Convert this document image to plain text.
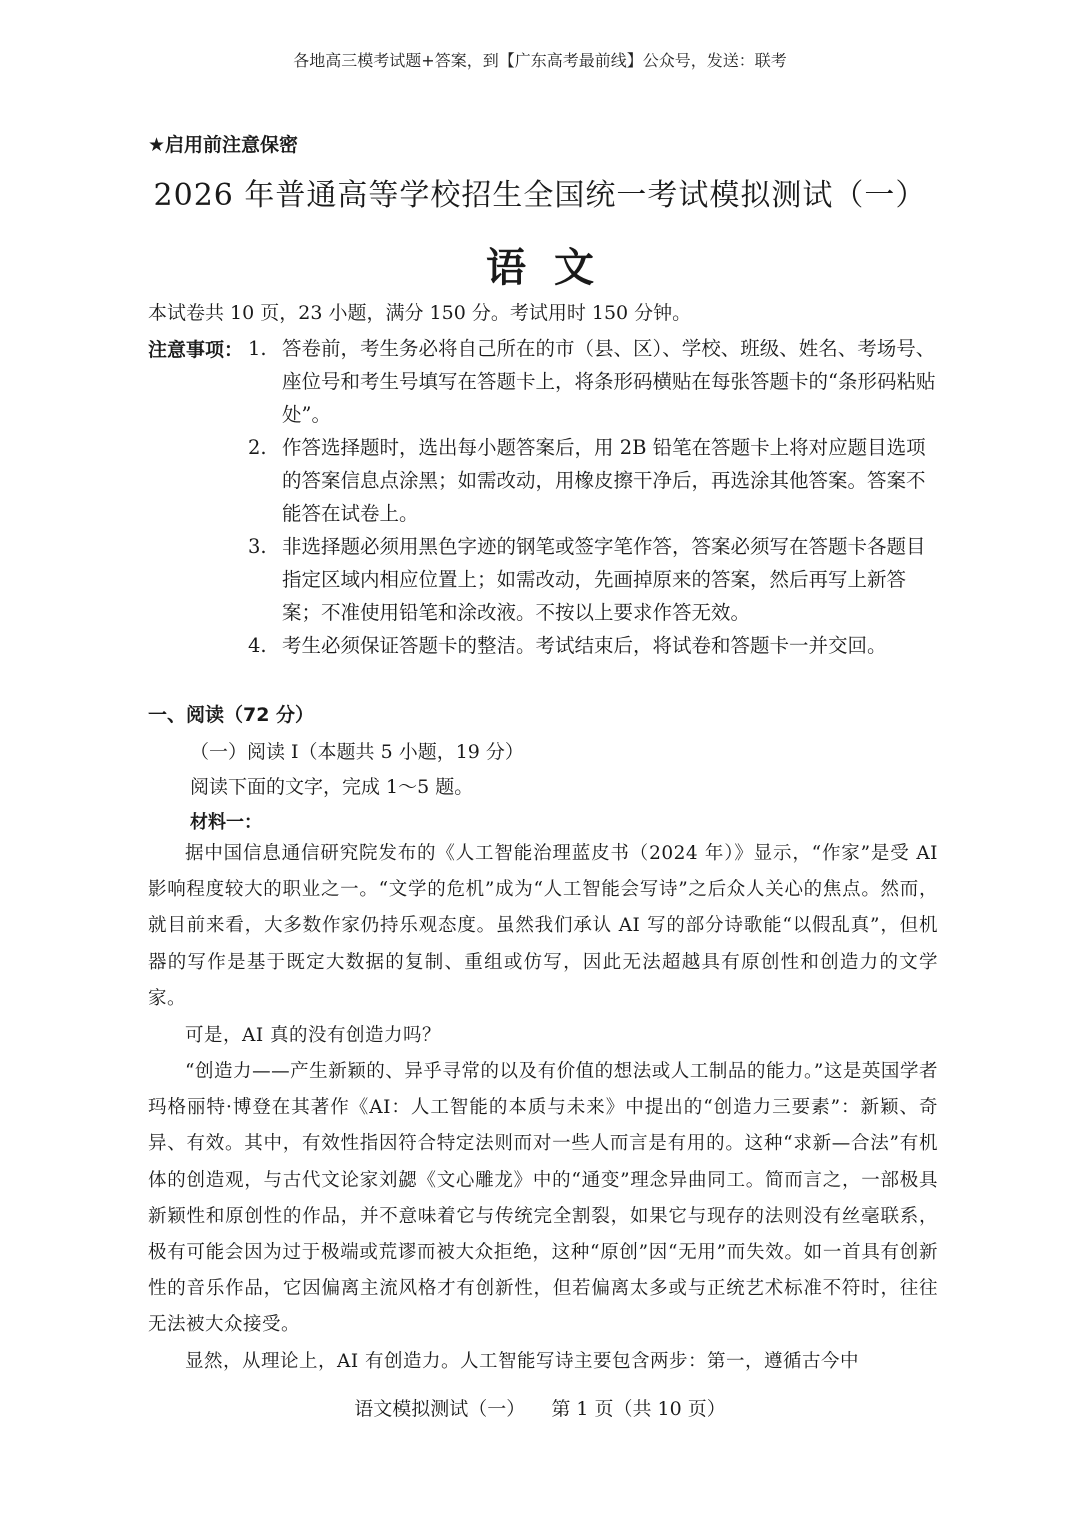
各地高三模考试题+答案，到【广东高考最前线】公众号，发送：联考
★启用前注意保密
2026 年普通高等学校招生全国统一考试模拟测试（一）
语文
本试卷共 10 页，23 小题，满分 150 分。考试用时 150 分钟。
注意事项： 1. 答卷前，考生务必将自己所在的市（县、区）、学校、班级、姓名、考场号、座位号和考生号填写在答题卡上，将条形码横贴在每张答题卡的“条形码粘贴处”。
2. 作答选择题时，选出每小题答案后，用 2B 铅笔在答题卡上将对应题目选项的答案信息点涂黑；如需改动，用橡皮擦干净后，再选涂其他答案。答案不能答在试卷上。
3. 非选择题必须用黑色字迹的钢笔或签字笔作答，答案必须写在答题卡各题目指定区域内相应位置上；如需改动，先画掉原来的答案，然后再写上新答案；不准使用铅笔和涂改液。不按以上要求作答无效。
4. 考生必须保证答题卡的整洁。考试结束后，将试卷和答题卡一并交回。
一、阅读（72 分）
（一）阅读 I（本题共 5 小题，19 分）
阅读下面的文字，完成 1～5 题。
材料一：
据中国信息通信研究院发布的《人工智能治理蓝皮书（2024 年）》显示，“作家”是受 AI 影响程度较大的职业之一。“文学的危机”成为“人工智能会写诗”之后众人关心的焦点。然而，就目前来看，大多数作家仍持乐观态度。虽然我们承认 AI 写的部分诗歌能“以假乱真”，但机器的写作是基于既定大数据的复制、重组或仿写，因此无法超越具有原创性和创造力的文学家。
可是，AI 真的没有创造力吗？
“创造力——产生新颖的、异乎寻常的以及有价值的想法或人工制品的能力。”这是英国学者玛格丽特·博登在其著作《AI：人工智能的本质与未来》中提出的“创造力三要素”：新颖、奇异、有效。其中，有效性指因符合特定法则而对一些人而言是有用的。这种“求新—合法”有机体的创造观，与古代文论家刘勰《文心雕龙》中的“通变”理念异曲同工。简而言之，一部极具新颖性和原创性的作品，并不意味着它与传统完全割裂，如果它与现存的法则没有丝毫联系，极有可能会因为过于极端或荒谬而被大众拒绝，这种“原创”因“无用”而失效。如一首具有创新性的音乐作品，它因偏离主流风格才有创新性，但若偏离太多或与正统艺术标准不符时，往往无法被大众接受。
显然，从理论上，AI 有创造力。人工智能写诗主要包含两步：第一，遵循古今中
语文模拟测试（一） 第 1 页（共 10 页）
